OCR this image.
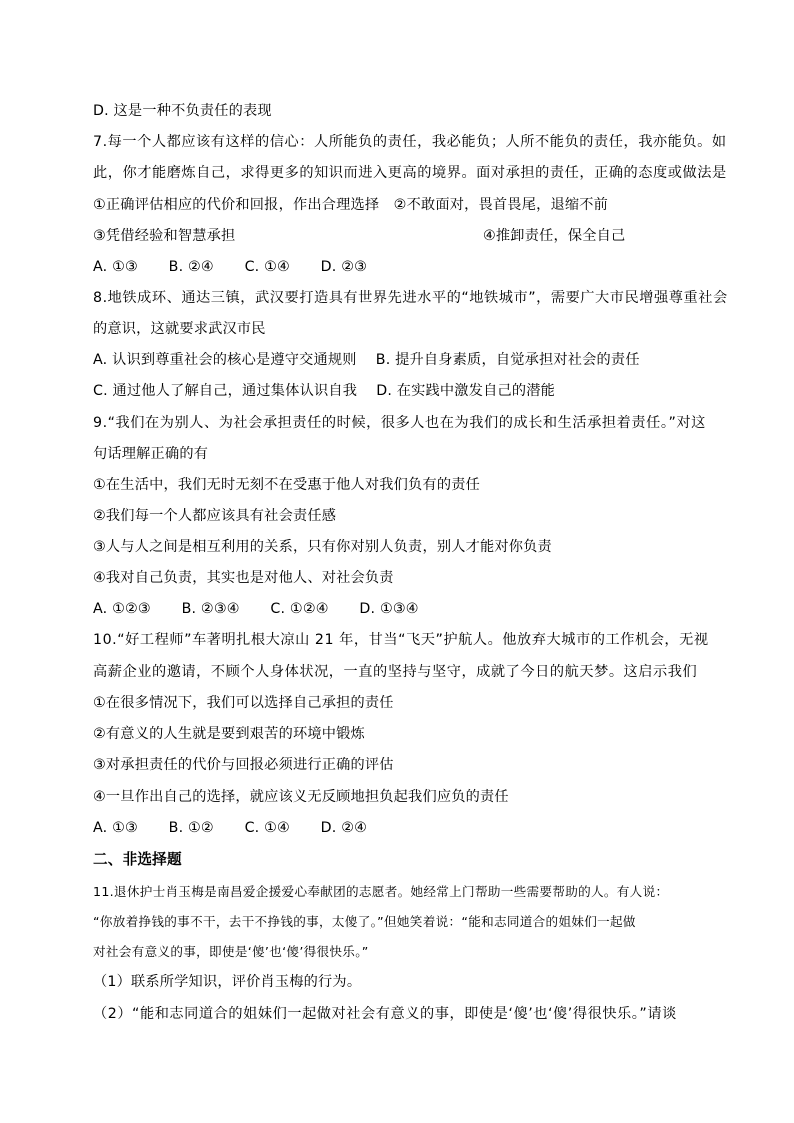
D. 这是一种不负责任的表现
7.每一个人都应该有这样的信心：人所能负的责任，我必能负；人所不能负的责任，我亦能负。如
此，你才能磨炼自己，求得更多的知识而进入更高的境界。面对承担的责任，正确的态度或做法是
①正确评估相应的代价和回报，作出合理选择　②不敢面对，畏首畏尾，退缩不前
③凭借经验和智慧承担	④推卸责任，保全自己
A. ①③ B. ②④ C. ①④ D. ②③
8.地铁成环、通达三镇，武汉要打造具有世界先进水平的“地铁城市”，需要广大市民增强尊重社会
的意识，这就要求武汉市民
A. 认识到尊重社会的核心是遵守交通规则　 B. 提升自身素质，自觉承担对社会的责任
C. 通过他人了解自己，通过集体认识自我　 D. 在实践中激发自己的潜能
9.“我们在为别人、为社会承担责任的时候，很多人也在为我们的成长和生活承担着责任。”对这
句话理解正确的有
①在生活中，我们无时无刻不在受惠于他人对我们负有的责任
②我们每一个人都应该具有社会责任感
③人与人之间是相互利用的关系，只有你对别人负责，别人才能对你负责
④我对自己负责，其实也是对他人、对社会负责
A. ①②③ B. ②③④ C. ①②④ D. ①③④
10.“好工程师”车著明扎根大凉山 21 年，甘当“飞天”护航人。他放弃大城市的工作机会，无视
高薪企业的邀请，不顾个人身体状况，一直的坚持与坚守，成就了今日的航天梦。这启示我们
①在很多情况下，我们可以选择自己承担的责任
②有意义的人生就是要到艰苦的环境中锻炼
③对承担责任的代价与回报必须进行正确的评估
④一旦作出自己的选择，就应该义无反顾地担负起我们应负的责任
A. ①③ B. ①② C. ①④ D. ②④
二、非选择题
11.退休护士肖玉梅是南昌爱企援爱心奉献团的志愿者。她经常上门帮助一些需要帮助的人。有人说：
“你放着挣钱的事不干，去干不挣钱的事，太傻了。”但她笑着说：“能和志同道合的姐妹们一起做
对社会有意义的事，即使是‘傻’也‘傻’得很快乐。”
（1）联系所学知识，评价肖玉梅的行为。
（2）“能和志同道合的姐妹们一起做对社会有意义的事，即使是‘傻’也‘傻’得很快乐。”请谈
